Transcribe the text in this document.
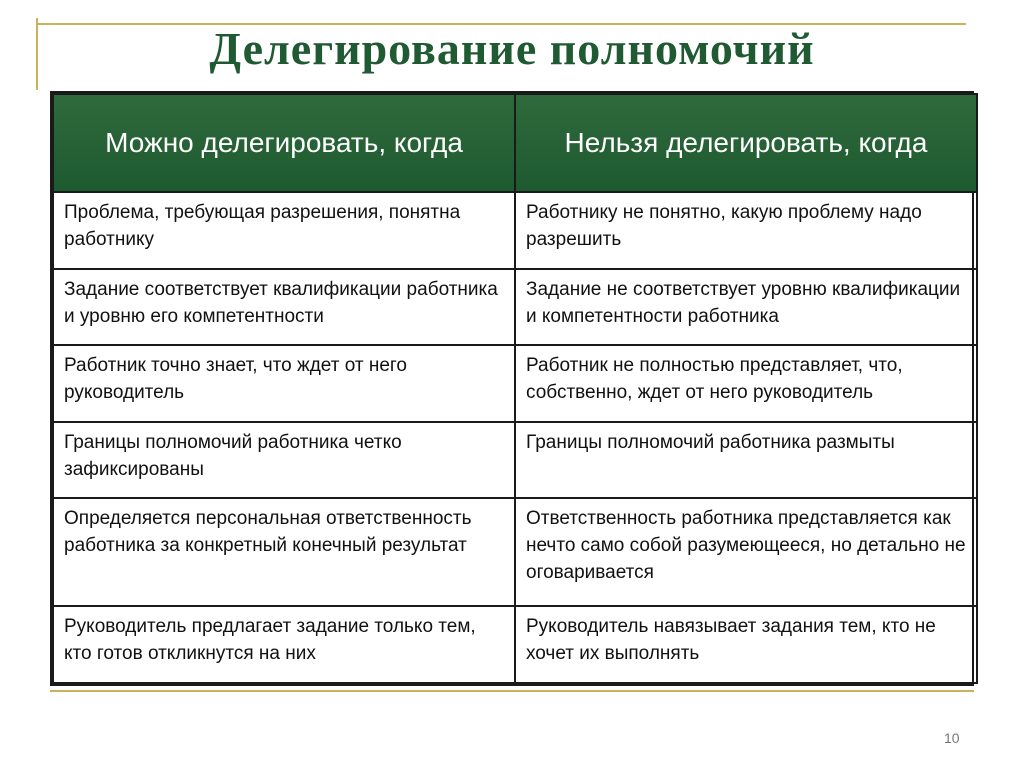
Делегирование полномочий
Можно делегировать, когда	Нельзя делегировать, когда
Проблема, требующая разрешения, понятна работнику	Работнику не понятно, какую проблему надо разрешить
Задание соответствует квалификации работника и уровню его компетентности	Задание не соответствует уровню квалификации и компетентности работника
Работник точно знает, что ждет от него руководитель	Работник не полностью представляет, что, собственно, ждет от него руководитель
Границы полномочий работника четко зафиксированы	Границы полномочий работника размыты
Определяется персональная ответственность работника за конкретный конечный результат	Ответственность работника представляется как нечто само собой разумеющееся, но детально не оговаривается
Руководитель предлагает задание только тем, кто готов откликнутся на них	Руководитель навязывает задания тем, кто не хочет их выполнять
10
